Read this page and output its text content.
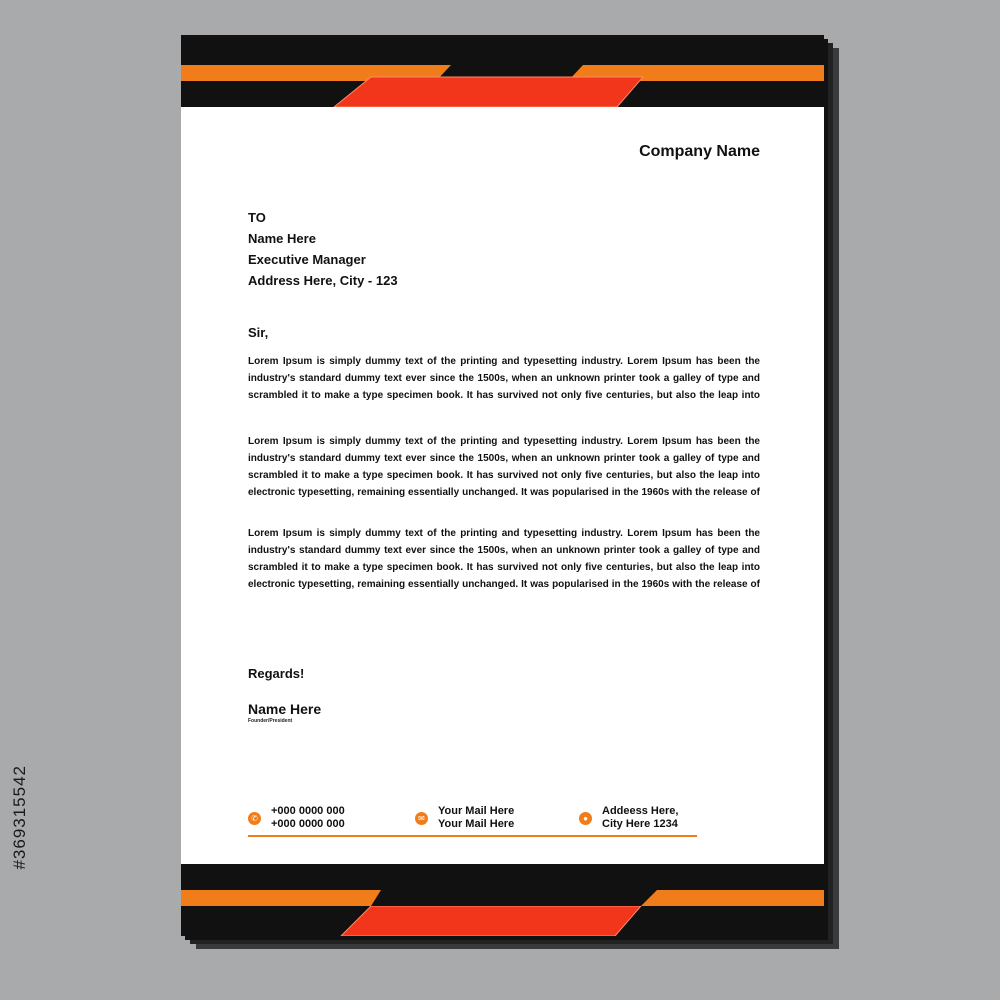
Company Name
TO
Name Here
Executive Manager
Address Here, City - 123
Sir,
Lorem Ipsum is simply dummy text of the printing and typesetting industry. Lorem Ipsum has been the
industry's standard dummy text ever since the 1500s, when an unknown printer took a galley of type and
scrambled it to make a type specimen book. It has survived not only five centuries, but also the leap into
Lorem Ipsum is simply dummy text of the printing and typesetting industry. Lorem Ipsum has been the
industry's standard dummy text ever since the 1500s, when an unknown printer took a galley of type and
scrambled it to make a type specimen book. It has survived not only five centuries, but also the leap into
electronic typesetting, remaining essentially unchanged. It was popularised in the 1960s with the release of
Lorem Ipsum is simply dummy text of the printing and typesetting industry. Lorem Ipsum has been the
industry's standard dummy text ever since the 1500s, when an unknown printer took a galley of type and
scrambled it to make a type specimen book. It has survived not only five centuries, but also the leap into
electronic typesetting, remaining essentially unchanged. It was popularised in the 1960s with the release of
Regards!
Name Here
Founder/President
✆
+000 0000 000
+000 0000 000	✉
Your Mail Here
Your Mail Here	●
Addeess Here,
City Here 1234
#369315542
